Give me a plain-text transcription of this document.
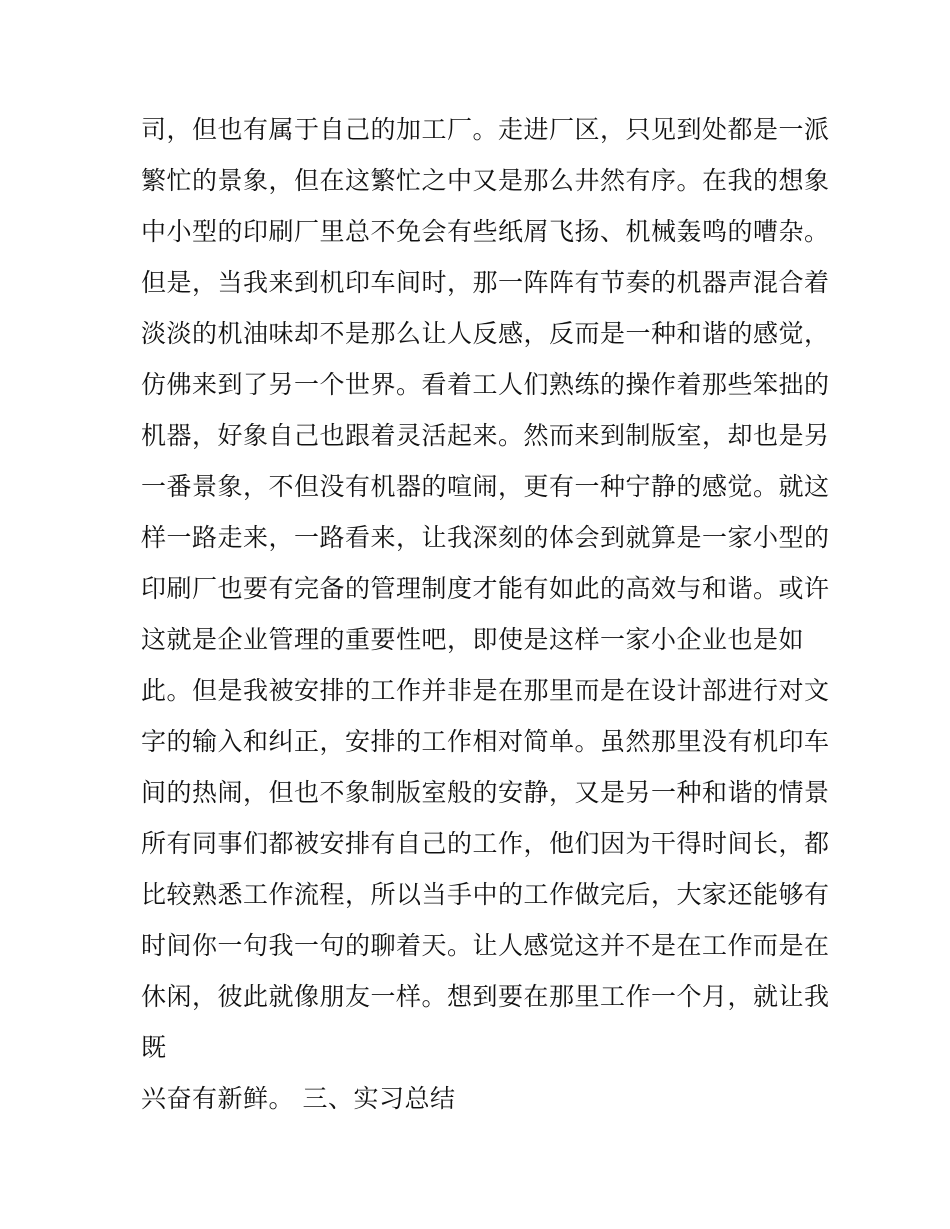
司，但也有属于自己的加工厂。走进厂区，只见到处都是一派
繁忙的景象，但在这繁忙之中又是那么井然有序。在我的想象
中小型的印刷厂里总不免会有些纸屑飞扬、机械轰鸣的嘈杂。
但是，当我来到机印车间时，那一阵阵有节奏的机器声混合着
淡淡的机油味却不是那么让人反感，反而是一种和谐的感觉，
仿佛来到了另一个世界。看着工人们熟练的操作着那些笨拙的
机器，好象自己也跟着灵活起来。然而来到制版室，却也是另
一番景象，不但没有机器的喧闹，更有一种宁静的感觉。就这
样一路走来，一路看来，让我深刻的体会到就算是一家小型的
印刷厂也要有完备的管理制度才能有如此的高效与和谐。或许
这就是企业管理的重要性吧，即使是这样一家小企业也是如
此。但是我被安排的工作并非是在那里而是在设计部进行对文
字的输入和纠正，安排的工作相对简单。虽然那里没有机印车
间的热闹，但也不象制版室般的安静，又是另一种和谐的情景
所有同事们都被安排有自己的工作，他们因为干得时间长，都
比较熟悉工作流程，所以当手中的工作做完后，大家还能够有
时间你一句我一句的聊着天。让人感觉这并不是在工作而是在
休闲，彼此就像朋友一样。想到要在那里工作一个月，就让我
既
兴奋有新鲜。 三、实习总结
